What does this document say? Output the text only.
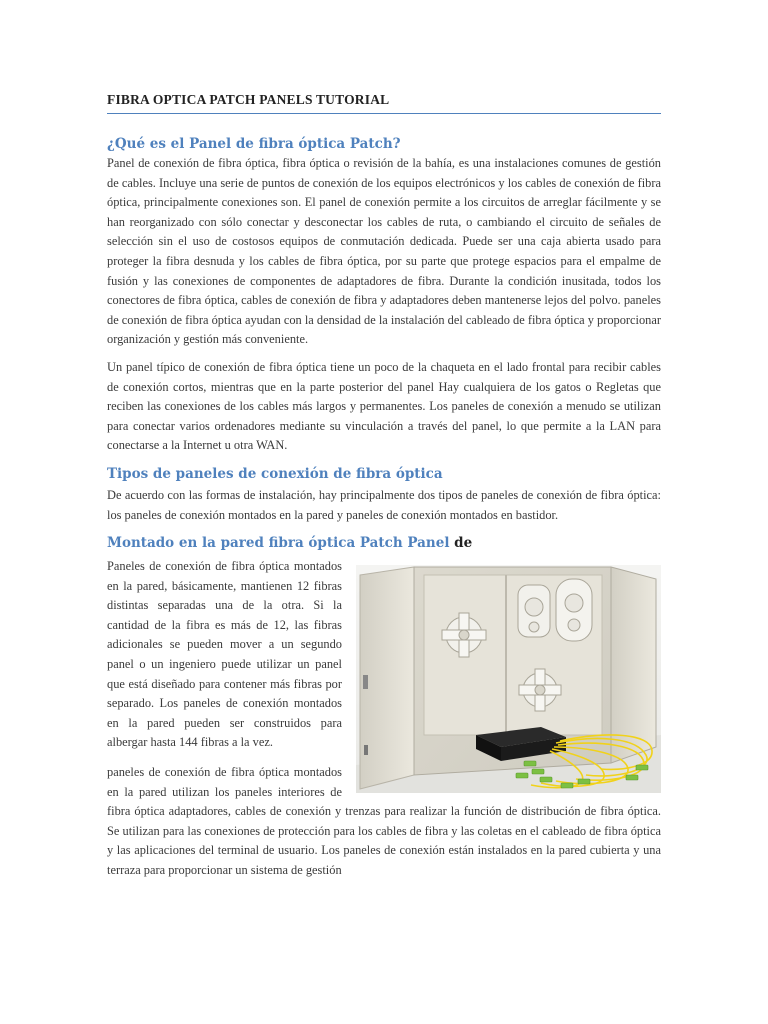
FIBRA OPTICA PATCH PANELS TUTORIAL
¿Qué es el Panel de fibra óptica Patch?

Panel de conexión de fibra óptica, fibra óptica o revisión de la bahía, es una instalaciones comunes de gestión de cables. Incluye una serie de puntos de conexión de los equipos electrónicos y los cables de conexión de fibra óptica, principalmente conexiones son. El panel de conexión permite a los circuitos de arreglar fácilmente y se han reorganizado con sólo conectar y desconectar los cables de ruta, o cambiando el circuito de señales de selección sin el uso de costosos equipos de conmutación dedicada. Puede ser una caja abierta usado para proteger la fibra desnuda y los cables de fibra óptica, por su parte que protege espacios para el empalme de fusión y las conexiones de componentes de adaptadores de fibra. Durante la condición inusitada, todos los conectores de fibra óptica, cables de conexión de fibra y adaptadores deben mantenerse lejos del polvo. paneles de conexión de fibra óptica ayudan con la densidad de la instalación del cableado de fibra óptica y proporcionar organización y gestión más conveniente.

Un panel típico de conexión de fibra óptica tiene un poco de la chaqueta en el lado frontal para recibir cables de conexión cortos, mientras que en la parte posterior del panel Hay cualquiera de los gatos o Regletas que reciben las conexiones de los cables más largos y permanentes. Los paneles de conexión a menudo se utilizan para conectar varios ordenadores mediante su vinculación a través del panel, lo que permite a la LAN para conectarse a la Internet u otra WAN.

Tipos de paneles de conexión de fibra óptica

De acuerdo con las formas de instalación, hay principalmente dos tipos de paneles de conexión de fibra óptica: los paneles de conexión montados en la pared y paneles de conexión montados en bastidor.

Montado en la pared fibra óptica Patch Panel de

Paneles de conexión de fibra óptica montados en la pared, básicamente, mantienen 12 fibras distintas separadas una de la otra. Si la cantidad de la fibra es más de 12, las fibras adicionales se pueden mover a un segundo panel o un ingeniero puede utilizar un panel que está diseñado para contener más fibras por separado. Los paneles de conexión montados en la pared pueden ser construidos para albergar hasta 144 fibras a la vez.

paneles de conexión de fibra óptica montados en la pared utilizan los paneles interiores de fibra óptica adaptadores, cables de conexión y trenzas para realizar la función de distribución de fibra óptica. Se utilizan para las conexiones de protección para los cables de fibra y las coletas en el cableado de fibra óptica y las aplicaciones del terminal de usuario. Los paneles de conexión están instalados en la pared cubierta y una terraza para proporcionar un sistema de gestión
